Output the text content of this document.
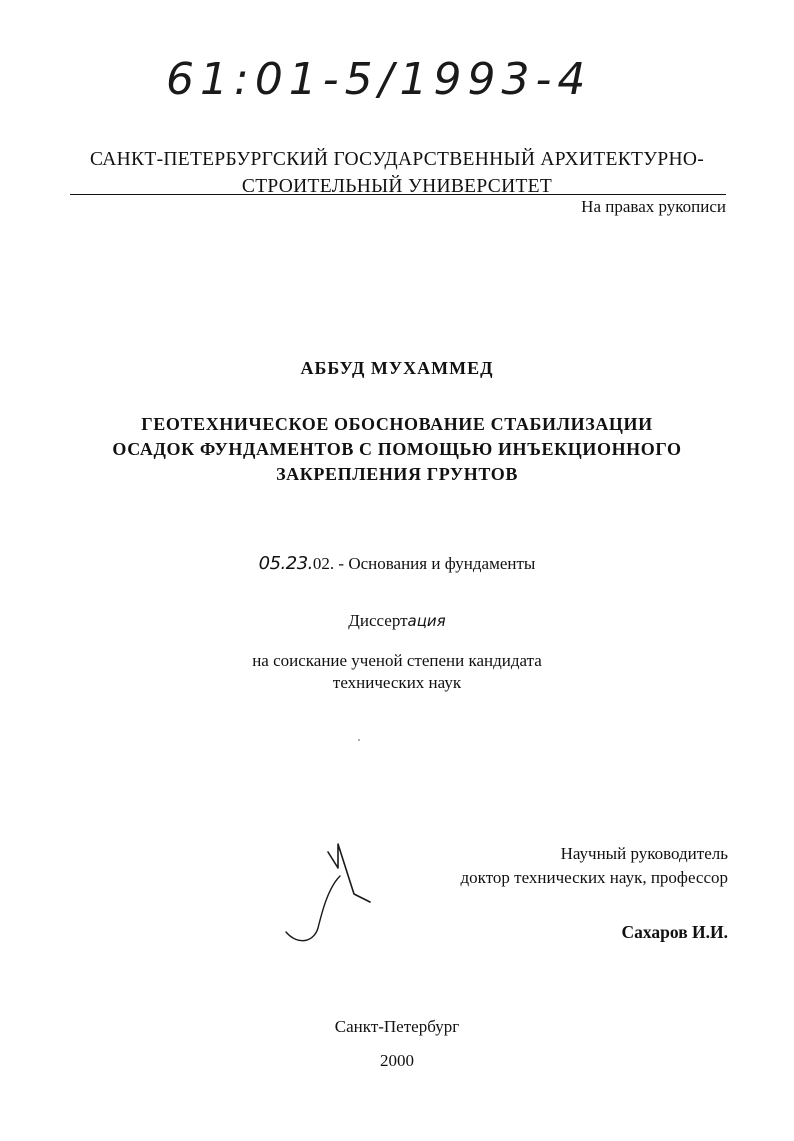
61:01-5/1993-4
САНКТ-ПЕТЕРБУРГСКИЙ ГОСУДАРСТВЕННЫЙ АРХИТЕКТУРНО-
СТРОИТЕЛЬНЫЙ УНИВЕРСИТЕТ
На правах рукописи
АББУД МУХАММЕД
ГЕОТЕХНИЧЕСКОЕ ОБОСНОВАНИЕ СТАБИЛИЗАЦИИ
ОСАДОК ФУНДАМЕНТОВ С ПОМОЩЬЮ ИНЪЕКЦИОННОГО
ЗАКРЕПЛЕНИЯ ГРУНТОВ
05.23.02. - Основания и фундаменты
Диссертация
на соискание ученой степени кандидата
технических наук
Научный руководитель
доктор технических наук, профессор
Сахаров И.И.
Санкт-Петербург
2000
